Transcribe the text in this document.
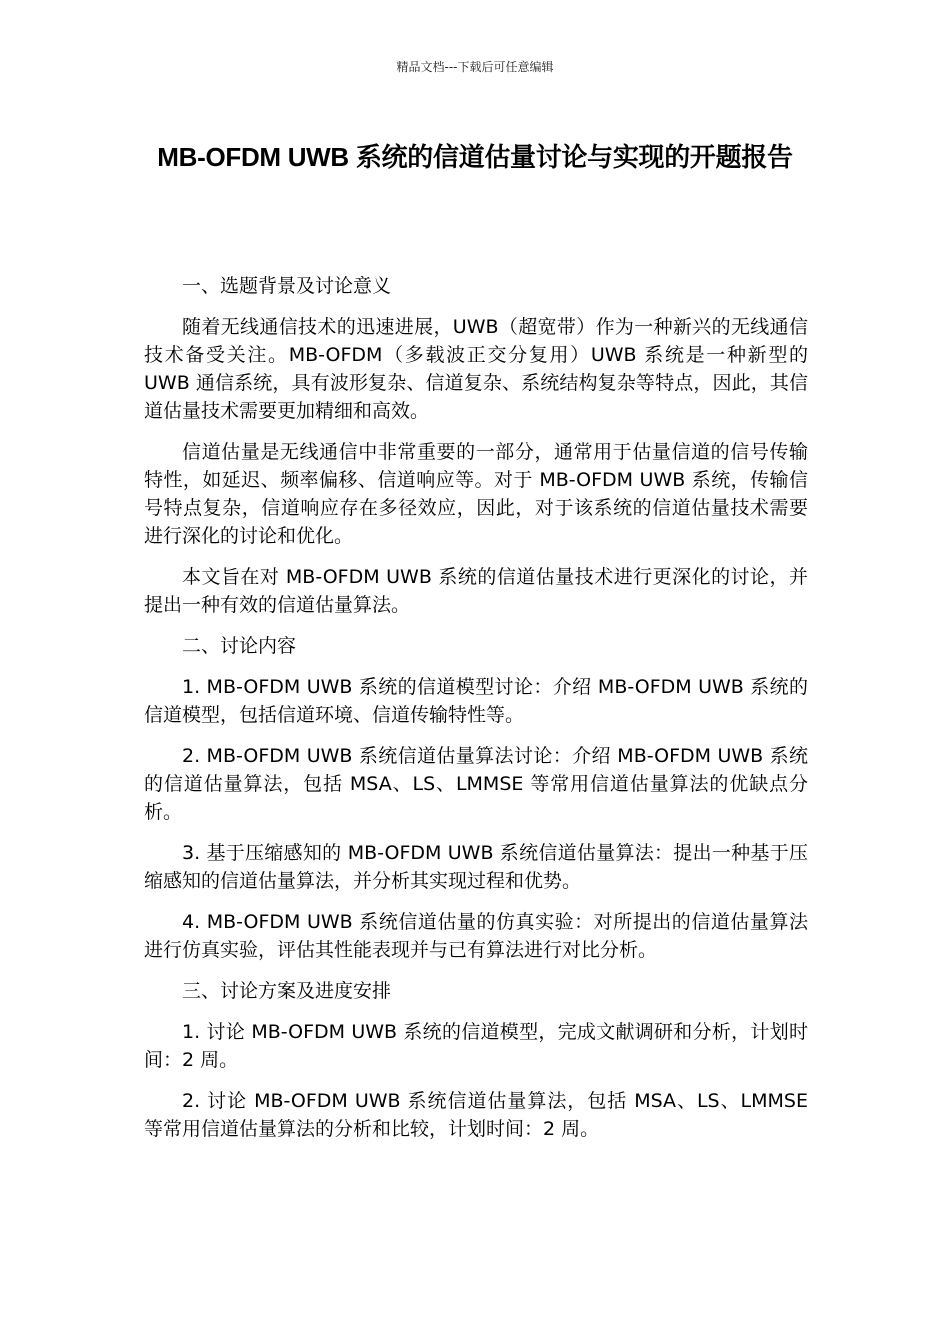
精品文档---下载后可任意编辑
MB-OFDM UWB 系统的信道估量讨论与实现的开题报告

一、选题背景及讨论意义

随着无线通信技术的迅速进展，UWB（超宽带）作为一种新兴的无线通信技术备受关注。MB-OFDM（多载波正交分复用）UWB 系统是一种新型的 UWB 通信系统，具有波形复杂、信道复杂、系统结构复杂等特点，因此，其信道估量技术需要更加精细和高效。

信道估量是无线通信中非常重要的一部分，通常用于估量信道的信号传输特性，如延迟、频率偏移、信道响应等。对于 MB-OFDM UWB 系统，传输信号特点复杂，信道响应存在多径效应，因此，对于该系统的信道估量技术需要进行深化的讨论和优化。

本文旨在对 MB-OFDM UWB 系统的信道估量技术进行更深化的讨论，并提出一种有效的信道估量算法。

二、讨论内容

1. MB-OFDM UWB 系统的信道模型讨论：介绍 MB-OFDM UWB 系统的信道模型，包括信道环境、信道传输特性等。

2. MB-OFDM UWB 系统信道估量算法讨论：介绍 MB-OFDM UWB 系统的信道估量算法，包括 MSA、LS、LMMSE 等常用信道估量算法的优缺点分析。

3. 基于压缩感知的 MB-OFDM UWB 系统信道估量算法：提出一种基于压缩感知的信道估量算法，并分析其实现过程和优势。

4. MB-OFDM UWB 系统信道估量的仿真实验：对所提出的信道估量算法进行仿真实验，评估其性能表现并与已有算法进行对比分析。

三、讨论方案及进度安排

1. 讨论 MB-OFDM UWB 系统的信道模型，完成文献调研和分析，计划时间：2 周。

2. 讨论 MB-OFDM UWB 系统信道估量算法，包括 MSA、LS、LMMSE 等常用信道估量算法的分析和比较，计划时间：2 周。
